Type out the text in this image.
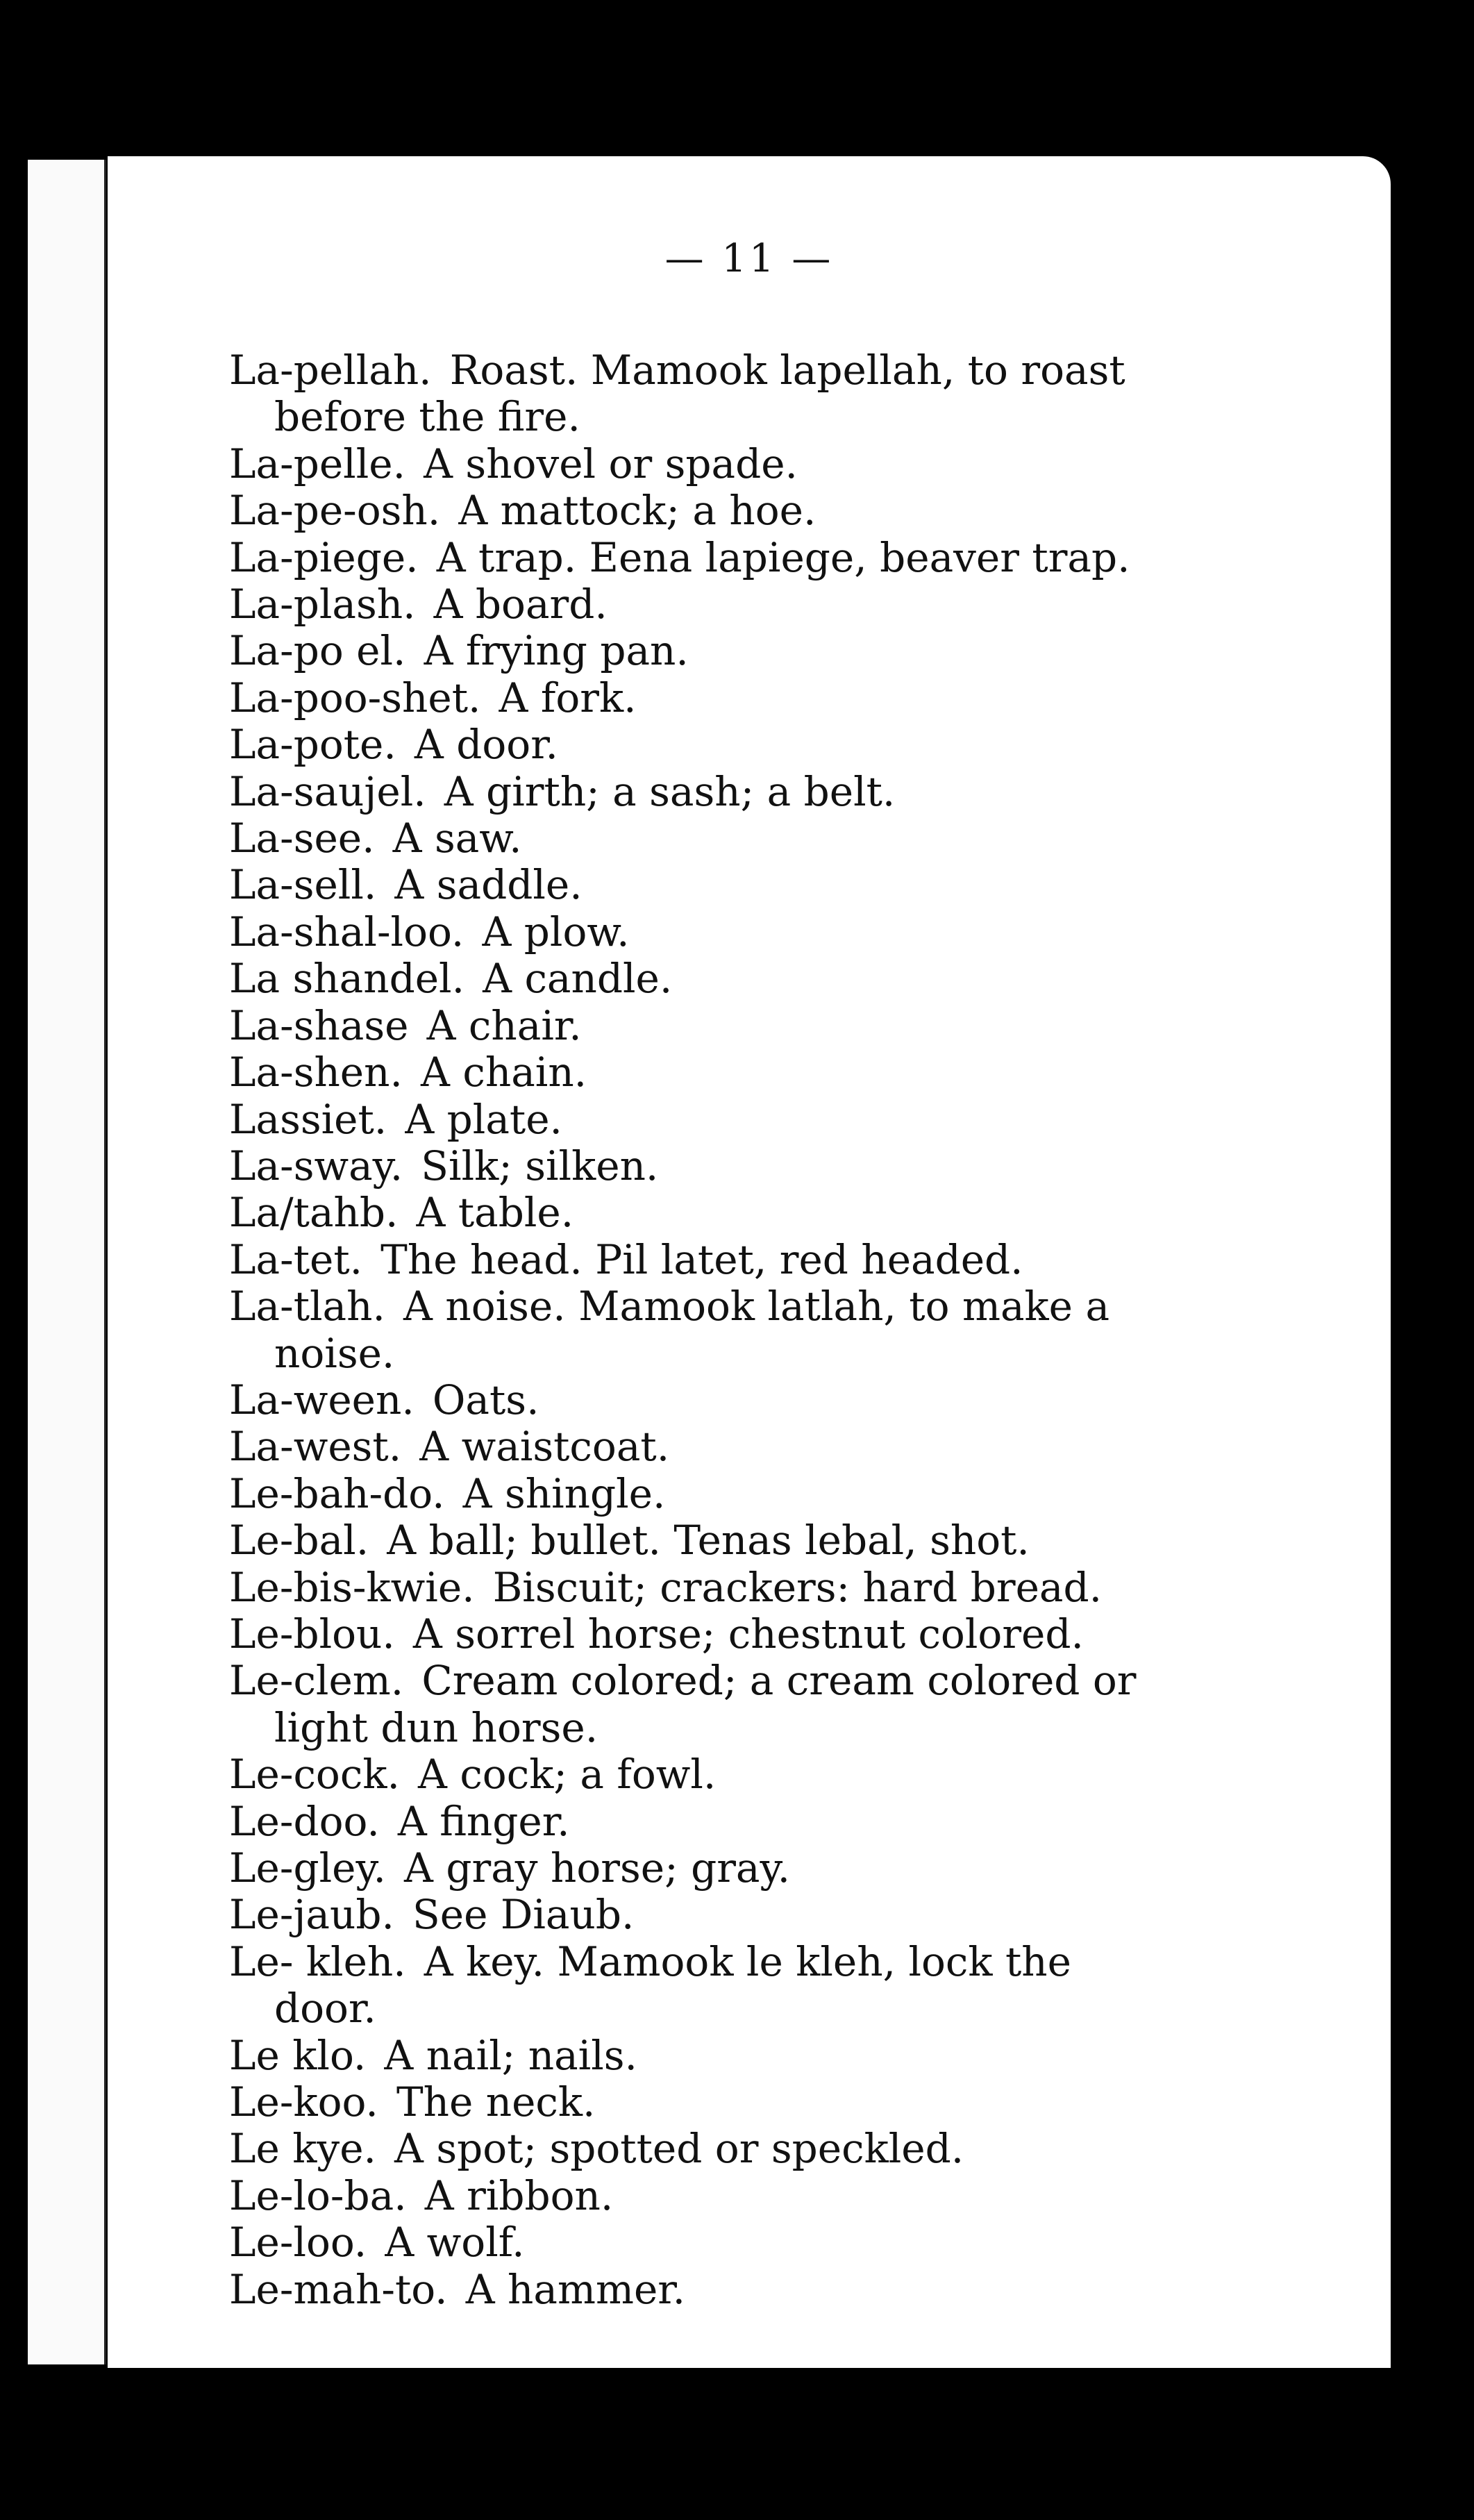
— 11 —
La-pellah. Roast. Mamook lapellah, to roast
before the fire.
La-pelle. A shovel or spade.
La-pe-osh. A mattock; a hoe.
La-piege. A trap. Eena lapiege, beaver trap.
La-plash. A board.
La-po el. A frying pan.
La-poo-shet. A fork.
La-pote. A door.
La-saujel. A girth; a sash; a belt.
La-see. A saw.
La-sell. A saddle.
La-shal-loo. A plow.
La shandel. A candle.
La-shase A chair.
La-shen. A chain.
Lassiet. A plate.
La-sway. Silk; silken.
La/tahb. A table.
La-tet. The head. Pil latet, red headed.
La-tlah. A noise. Mamook latlah, to make a
noise.
La-ween. Oats.
La-west. A waistcoat.
Le-bah-do. A shingle.
Le-bal. A ball; bullet. Tenas lebal, shot.
Le-bis-kwie. Biscuit; crackers: hard bread.
Le-blou. A sorrel horse; chestnut colored.
Le-clem. Cream colored; a cream colored or
light dun horse.
Le-cock. A cock; a fowl.
Le-doo. A finger.
Le-gley. A gray horse; gray.
Le-jaub. See Diaub.
Le- kleh. A key. Mamook le kleh, lock the
door.
Le klo. A nail; nails.
Le-koo. The neck.
Le kye. A spot; spotted or speckled.
Le-lo-ba. A ribbon.
Le-loo. A wolf.
Le-mah-to. A hammer.
